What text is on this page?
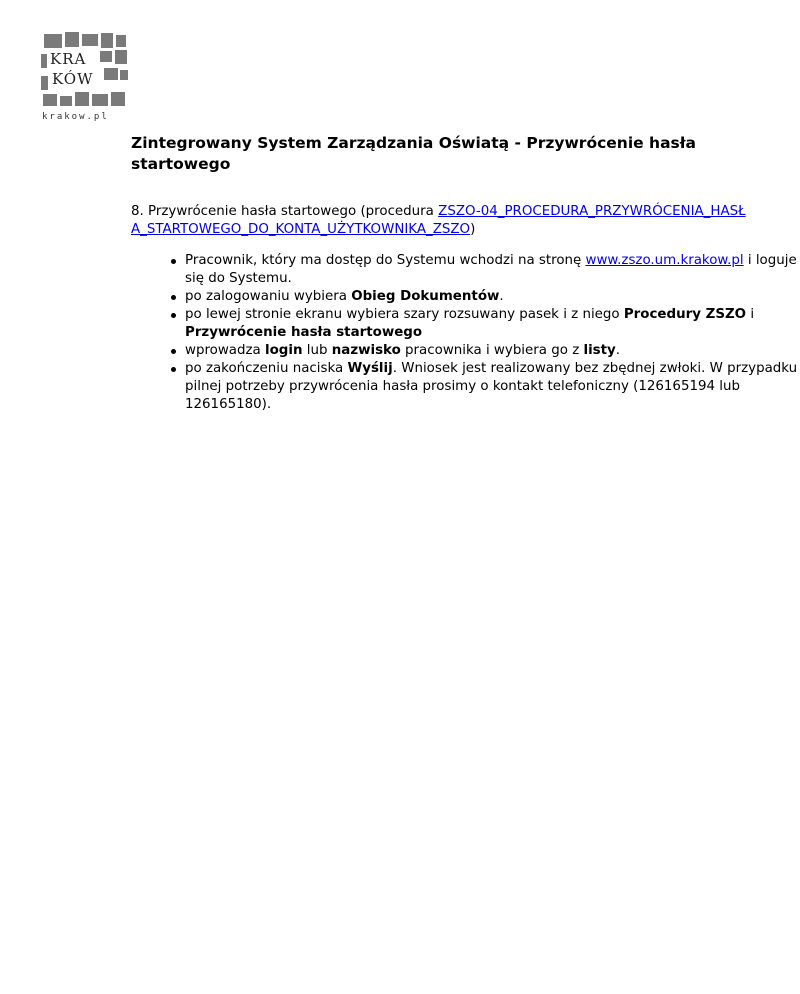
KRA
KÓW
krakow.pl
Zintegrowany System Zarządzania Oświatą - Przywrócenie hasła startowego

8. Przywrócenie hasła startowego (procedura ZSZO-04_PROCEDURA_PRZYWRÓCENIA_HASŁA_STARTOWEGO_DO_KONTA_UŻYTKOWNIKA_ZSZO)

Pracownik, który ma dostęp do Systemu wchodzi na stronę www.zszo.um.krakow.pl i loguje się do Systemu.
po zalogowaniu wybiera Obieg Dokumentów.
po lewej stronie ekranu wybiera szary rozsuwany pasek i z niego Procedury ZSZO i Przywrócenie hasła startowego
wprowadza login lub nazwisko pracownika i wybiera go z listy.
po zakończeniu naciska Wyślij. Wniosek jest realizowany bez zbędnej zwłoki. W przypadku pilnej potrzeby przywrócenia hasła prosimy o kontakt telefoniczny (126165194 lub 126165180).
